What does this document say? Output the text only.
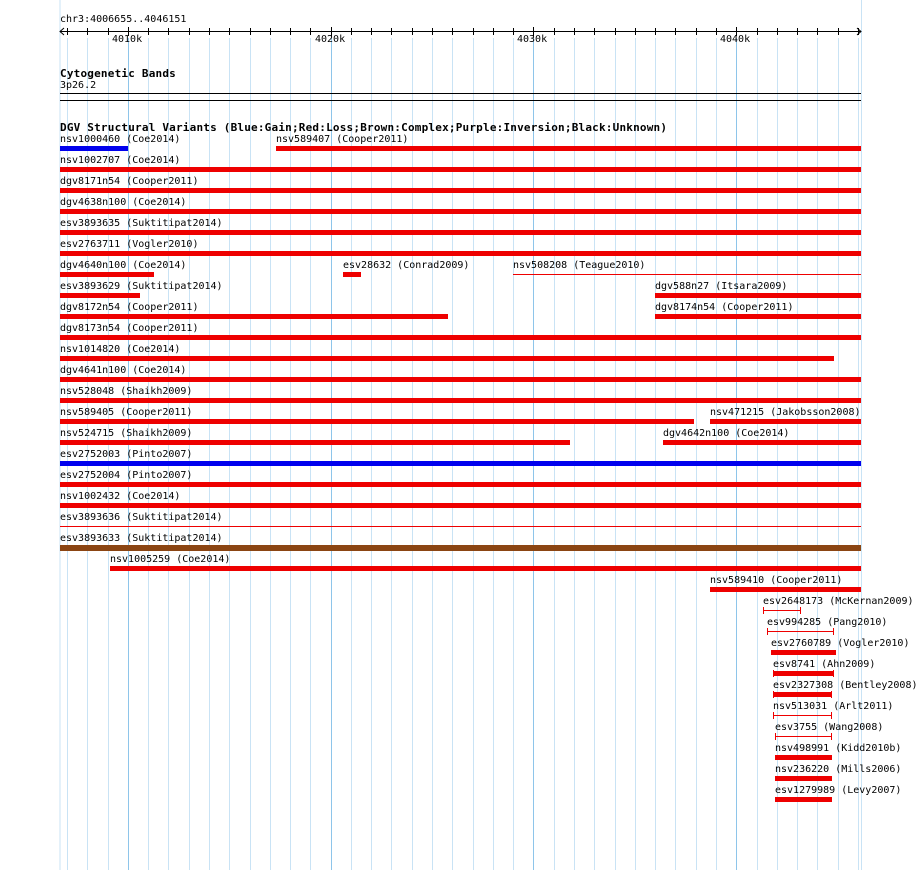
chr3:4006655..4046151
4010k	4020k	4030k	4040k
Cytogenetic Bands
3p26.2
DGV Structural Variants (Blue:Gain;Red:Loss;Brown:Complex;Purple:Inversion;Black:Unknown)
nsv1000460 (Coe2014)	nsv589407 (Cooper2011)
nsv1002707 (Coe2014)
dgv8171n54 (Cooper2011)
dgv4638n100 (Coe2014)
esv3893635 (Suktitipat2014)
esv2763711 (Vogler2010)
dgv4640n100 (Coe2014)	esv28632 (Conrad2009)	nsv508208 (Teague2010)
esv3893629 (Suktitipat2014)	dgv588n27 (Itsara2009)
dgv8172n54 (Cooper2011)	dgv8174n54 (Cooper2011)
dgv8173n54 (Cooper2011)
nsv1014820 (Coe2014)
dgv4641n100 (Coe2014)
nsv528048 (Shaikh2009)
nsv589405 (Cooper2011)	nsv471215 (Jakobsson2008)
nsv524715 (Shaikh2009)	dgv4642n100 (Coe2014)
esv2752003 (Pinto2007)
esv2752004 (Pinto2007)
nsv1002432 (Coe2014)
esv3893636 (Suktitipat2014)
esv3893633 (Suktitipat2014)
nsv1005259 (Coe2014)
nsv589410 (Cooper2011)
esv2648173 (McKernan2009)
esv994285 (Pang2010)
esv2760789 (Vogler2010)
esv8741 (Ahn2009)
esv2327308 (Bentley2008)
nsv513031 (Arlt2011)
esv3755 (Wang2008)
nsv498991 (Kidd2010b)
nsv236220 (Mills2006)
esv1279989 (Levy2007)
